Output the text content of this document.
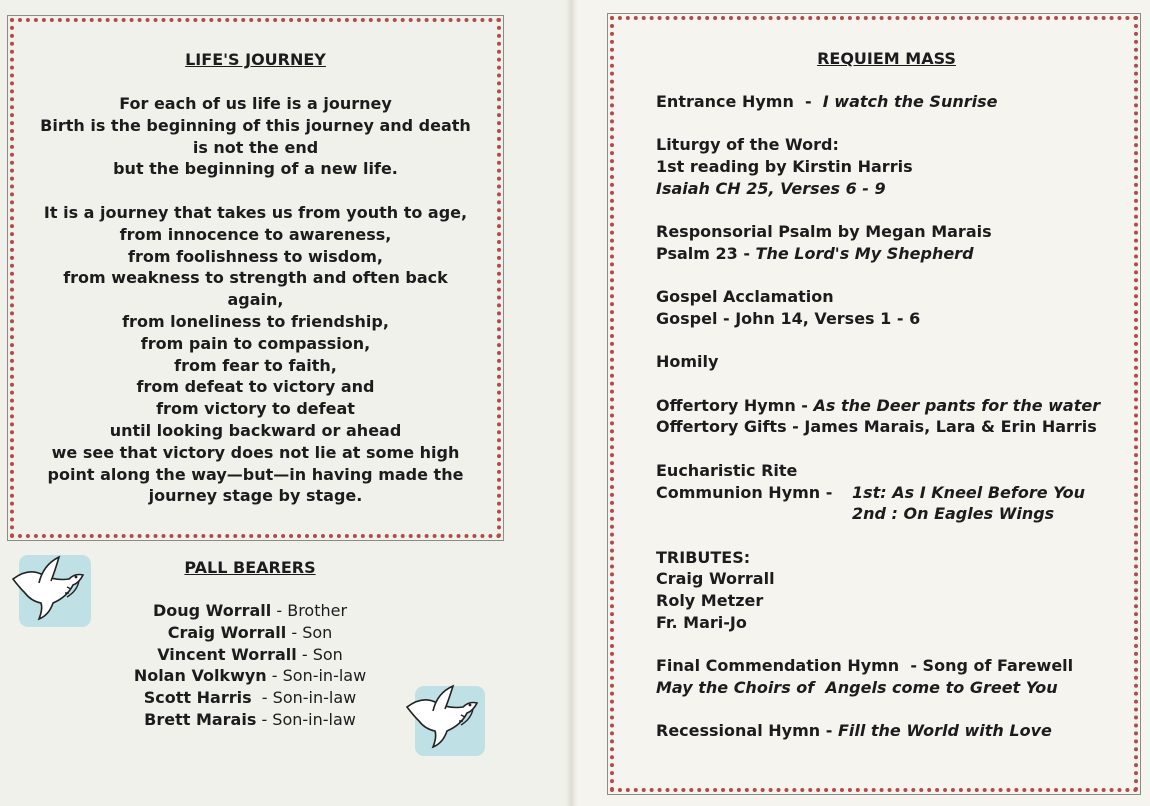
LIFE'S JOURNEY
For each of us life is a journey
Birth is the beginning of this journey and death
is not the end
but the beginning of a new life.
It is a journey that takes us from youth to age,
from innocence to awareness,
from foolishness to wisdom,
from weakness to strength and often back
again,
from loneliness to friendship,
from pain to compassion,
from fear to faith,
from defeat to victory and
from victory to defeat
until looking backward or ahead
we see that victory does not lie at some high
point along the way—but—in having made the
journey stage by stage.
PALL BEARERS
Doug Worrall - Brother
Craig Worrall - Son
Vincent Worrall - Son
Nolan Volkwyn - Son-in-law
Scott Harris  - Son-in-law
Brett Marais - Son-in-law
REQUIEM MASS
Entrance Hymn  -  I watch the Sunrise
Liturgy of the Word:
1st reading by Kirstin Harris
Isaiah CH 25, Verses 6 - 9
Responsorial Psalm by Megan Marais
Psalm 23 - The Lord's My Shepherd
Gospel Acclamation
Gospel - John 14, Verses 1 - 6
Homily
Offertory Hymn - As the Deer pants for the water
Offertory Gifts - James Marais, Lara & Erin Harris
Eucharistic Rite
Communion Hymn -	1st: As I Kneel Before You
2nd : On Eagles Wings
TRIBUTES:
Craig Worrall
Roly Metzer
Fr. Mari-Jo
Final Commendation Hymn  - Song of Farewell
May the Choirs of  Angels come to Greet You
Recessional Hymn - Fill the World with Love
